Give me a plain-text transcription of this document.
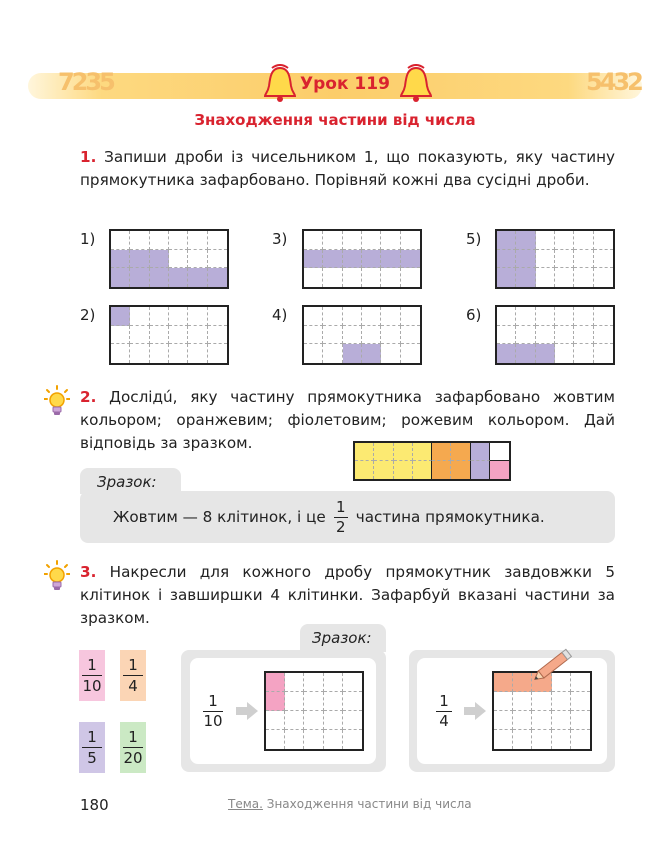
7235	5432
Урок 119
Знаходження частини від числа
1. Запиши дроби із чисельником 1, що показують, яку частину прямокутника зафарбовано. Порівняй кожні два сусідні дроби.
1)
2)
3)
4)
5)
6)
2. Дослідú, яку частину прямокутника зафарбовано жовтим кольором; оранжевим; фіолетовим; рожевим кольором. Дай відповідь за зразком.
Зразок:
Жовтим — 8 клітинок, і це $\frac{1}{2}$ частина прямокутника.
3. Накресли для кожного дробу прямокутник завдовжки 5 клітинок і завширшки 4 клітинки. Зафарбуй вказані частини за зразком.
1
10
1
4
1
5
1
20
Зразок:
1
10
1
4
180	Тема. Знаходження частини від числа
